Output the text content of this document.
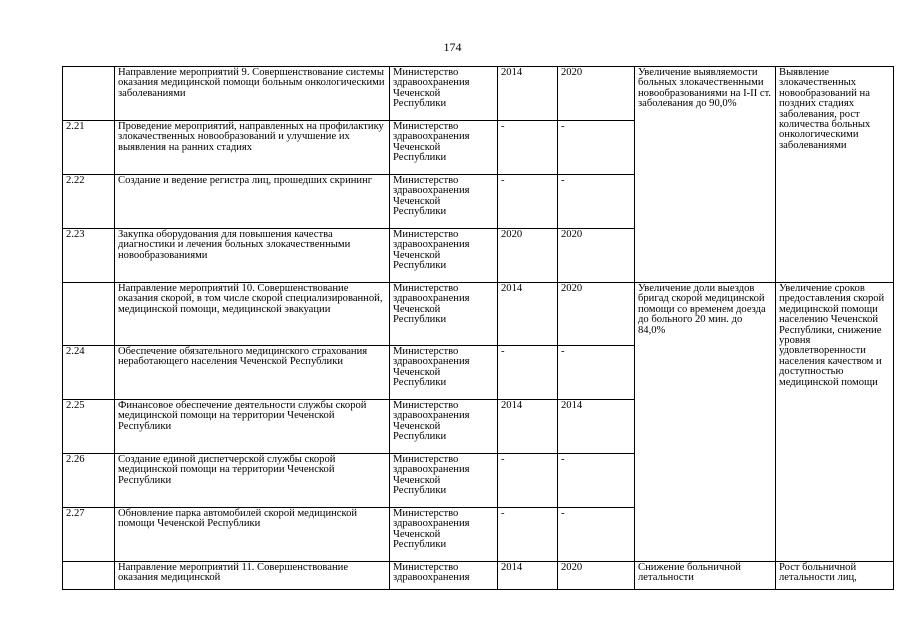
174
	Направление мероприятий 9. Совершенствование системы оказания медицинской помощи больным онкологическими заболеваниями	Министерство здравоохранения Чеченской Республики	2014	2020	Увеличение выявляемости больных злокачественными новообразованиями на I-II ст. заболевания до 90,0%	Выявление злокачественных новообразований на поздних стадиях заболевания, рост количества больных онкологическими заболеваниями
2.21	Проведение мероприятий, направленных на профилактику злокачественных новообразований и улучшение их выявления на ранних стадиях	Министерство здравоохранения Чеченской Республики	-	-		
2.22	Создание и ведение регистра лиц, прошедших скрининг	Министерство здравоохранения Чеченской Республики	-	-		
2.23	Закупка оборудования для повышения качества диагностики и лечения больных злокачественными новообразованиями	Министерство здравоохранения Чеченской Республики	2020	2020		
	Направление мероприятий 10. Совершенствование оказания скорой, в том числе скорой специализированной, медицинской помощи, медицинской эвакуации	Министерство здравоохранения Чеченской Республики	2014	2020	Увеличение доли выездов бригад скорой медицинской помощи со временем доезда до больного 20 мин. до 84,0%	Увеличение сроков предоставления скорой медицинской помощи населению Чеченской Республики, снижение уровня удовлетворенности населения качеством и доступностью медицинской помощи
2.24	Обеспечение обязательного медицинского страхования неработающего населения Чеченской Республики	Министерство здравоохранения Чеченской Республики	-	-		
2.25	Финансовое обеспечение деятельности службы скорой медицинской помощи на территории Чеченской Республики	Министерство здравоохранения Чеченской Республики	2014	2014		
2.26	Создание единой диспетчерской службы скорой медицинской помощи на территории Чеченской Республики	Министерство здравоохранения Чеченской Республики	-	-		
2.27	Обновление парка автомобилей скорой медицинской помощи Чеченской Республики	Министерство здравоохранения Чеченской Республики	-	-		
	Направление мероприятий 11. Совершенствование оказания медицинской	Министерство здравоохранения	2014	2020	Снижение больничной летальности	Рост больничной летальности лиц,
